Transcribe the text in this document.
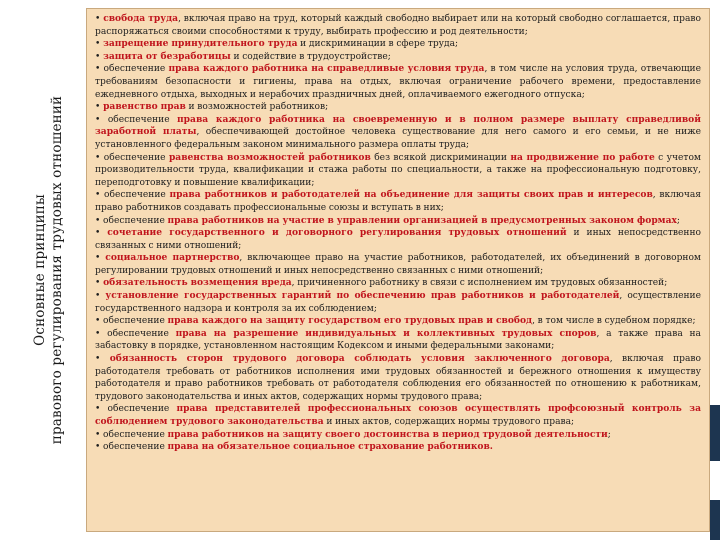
Основные принципы правового регулирования трудовых отношений
• свобода труда, включая право на труд, который каждый свободно выбирает или на который свободно соглашается, право распоряжаться своими способностями к труду, выбирать профессию и род деятельности;
• запрещение принудительного труда и дискриминации в сфере труда;
• защита от безработицы и содействие в трудоустройстве;
• обеспечение права каждого работника на справедливые условия труда, в том числе на условия труда, отвечающие требованиям безопасности и гигиены, права на отдых, включая ограничение рабочего времени, предоставление ежедневного отдыха, выходных и нерабочих праздничных дней, оплачиваемого ежегодного отпуска;
• равенство прав и возможностей работников;
• обеспечение права каждого работника на своевременную и в полном размере выплату справедливой заработной платы, обеспечивающей достойное человека существование для него самого и его семьи, и не ниже установленного федеральным законом минимального размера оплаты труда;
• обеспечение равенства возможностей работников без всякой дискриминации на продвижение по работе с учетом производительности труда, квалификации и стажа работы по специальности, а также на профессиональную подготовку, переподготовку и повышение квалификации;
• обеспечение права работников и работодателей на объединение для защиты своих прав и интересов, включая право работников создавать профессиональные союзы и вступать в них;
• обеспечение права работников на участие в управлении организацией в предусмотренных законом формах;
• сочетание государственного и договорного регулирования трудовых отношений и иных непосредственно связанных с ними отношений;
• социальное партнерство, включающее право на участие работников, работодателей, их объединений в договорном регулировании трудовых отношений и иных непосредственно связанных с ними отношений;
• обязательность возмещения вреда, причиненного работнику в связи с исполнением им трудовых обязанностей;
• установление государственных гарантий по обеспечению прав работников и работодателей, осуществление государственного надзора и контроля за их соблюдением;
• обеспечение права каждого на защиту государством его трудовых прав и свобод, в том числе в судебном порядке;
• обеспечение права на разрешение индивидуальных и коллективных трудовых споров, а также права на забастовку в порядке, установленном настоящим Кодексом и иными федеральными законами;
• обязанность сторон трудового договора соблюдать условия заключенного договора, включая право работодателя требовать от работников исполнения ими трудовых обязанностей и бережного отношения к имуществу работодателя и право работников требовать от работодателя соблюдения его обязанностей по отношению к работникам, трудового законодательства и иных актов, содержащих нормы трудового права;
• обеспечение права представителей профессиональных союзов осуществлять профсоюзный контроль за соблюдением трудового законодательства и иных актов, содержащих нормы трудового права;
• обеспечение права работников на защиту своего достоинства в период трудовой деятельности;
• обеспечение права на обязательное социальное страхование работников.
